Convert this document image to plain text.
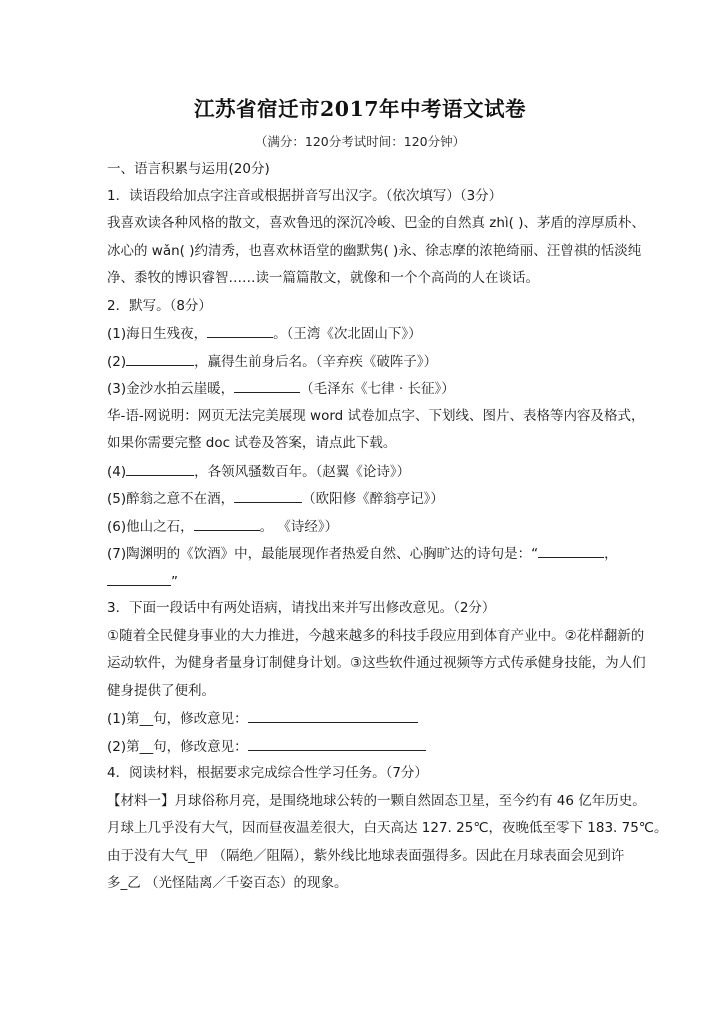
江苏省宿迁市2017年中考语文试卷
（满分：120分考试时间：120分钟）
一、语言积累与运用(20分)
1．读语段给加点字注音或根据拼音写出汉字。（依次填写）（3分）
我喜欢读各种风格的散文，喜欢鲁迅的深沉冷峻、巴金的自然真 zhì( )、茅盾的淳厚质朴、
冰心的 wǎn( )约清秀，也喜欢林语堂的幽默隽( )永、徐志摩的浓艳绮丽、汪曾祺的恬淡纯
净、黍牧的博识睿智……读一篇篇散文，就像和一个个高尚的人在谈话。
2．默写。（8分）
(1)海日生残夜，	。（王湾《次北固山下》）
(2)	，赢得生前身后名。（辛弃疾《破阵子》）
(3)金沙水拍云崖暖，	（毛泽东《七律 · 长征》）
华-语-网说明：网页无法完美展现 word 试卷加点字、下划线、图片、表格等内容及格式，
如果你需要完整 doc 试卷及答案，请点此下载。
(4)	，各领风骚数百年。（赵翼《论诗》）
(5)醉翁之意不在酒，	（欧阳修《醉翁亭记》）
(6)他山之石，	。 《诗经》）
(7)陶渊明的《饮酒》中，最能展现作者热爱自然、心胸旷达的诗句是：“	，
”
3．下面一段话中有两处语病，请找出来并写出修改意见。（2分）
①随着全民健身事业的大力推进，今越来越多的科技手段应用到体育产业中。②花样翻新的
运动软件，为健身者量身订制健身计划。③这些软件通过视频等方式传承健身技能，为人们
健身提供了便利。
(1)第__句，修改意见：
(2)第__句，修改意见：
4．阅读材料，根据要求完成综合性学习任务。（7分）
【材料一】月球俗称月亮，是围绕地球公转的一颗自然固态卫星，至今约有 46 亿年历史。
月球上几乎没有大气，因而昼夜温差很大，白天高达 127. 25℃，夜晚低至零下 183. 75℃。
由于没有大气_甲 （隔绝／阻隔），紫外线比地球表面强得多。因此在月球表面会见到许
多_乙 （光怪陆离／千姿百态）的现象。
